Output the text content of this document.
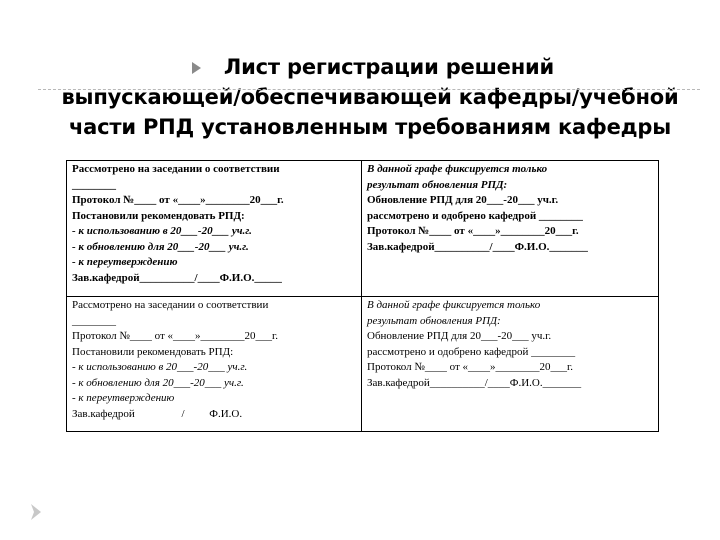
Лист регистрации решений
выпускающей/обеспечивающей кафедры/учебной
части РПД установленным требованиям кафедры
Рассмотрено на заседании о соответствии
________
Протокол №____ от «____»________20___г.
Постановили рекомендовать РПД:
- к использованию в 20___-20___ уч.г.
- к обновлению для 20___-20___ уч.г.
- к переутверждению
Зав.кафедрой__________/____Ф.И.О._____
В данной графе фиксируется только
результат обновления РПД:
Обновление РПД для 20___-20___ уч.г.
рассмотрено и одобрено кафедрой ________
Протокол №____ от «____»________20___г.
Зав.кафедрой__________/____Ф.И.О._______
Рассмотрено на заседании о соответствии
________
Протокол №____ от «____»________20___г.
Постановили рекомендовать РПД:
- к использованию в 20___-20___ уч.г.
- к обновлению для 20___-20___ уч.г.
- к переутверждению
Зав.кафедрой                 /         Ф.И.О.
В данной графе фиксируется только
результат обновления РПД:
Обновление РПД для 20___-20___ уч.г.
рассмотрено и одобрено кафедрой ________
Протокол №____ от «____»________20___г.
Зав.кафедрой__________/____Ф.И.О._______
